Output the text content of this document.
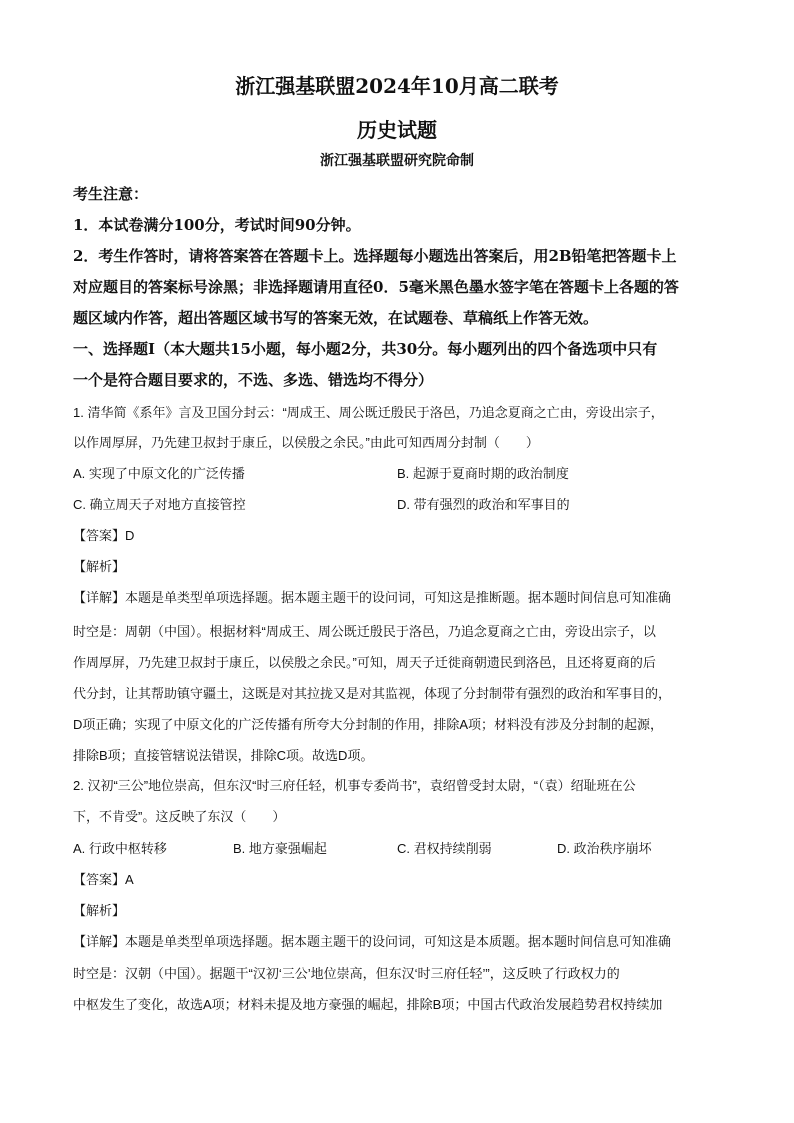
浙江强基联盟2024年10月高二联考
历史试题
浙江强基联盟研究院命制
考生注意：
1．本试卷满分100分，考试时间90分钟。
2．考生作答时，请将答案答在答题卡上。选择题每小题选出答案后，用2B铅笔把答题卡上
对应题目的答案标号涂黑；非选择题请用直径0．5毫米黑色墨水签字笔在答题卡上各题的答
题区域内作答，超出答题区域书写的答案无效，在试题卷、草稿纸上作答无效。
一、选择题Ⅰ（本大题共15小题，每小题2分，共30分。每小题列出的四个备选项中只有
一个是符合题目要求的，不选、多选、错选均不得分）
1. 清华简《系年》言及卫国分封云：“周成王、周公既迁殷民于洛邑，乃追念夏商之亡由，旁设出宗子，
以作周厚屏，乃先建卫叔封于康丘，以侯殷之余民。”由此可知西周分封制（　　）
A. 实现了中原文化的广泛传播	B. 起源于夏商时期的政治制度
C. 确立周天子对地方直接管控	D. 带有强烈的政治和军事目的
【答案】D
【解析】
【详解】本题是单类型单项选择题。据本题主题干的设问词，可知这是推断题。据本题时间信息可知准确
时空是：周朝（中国）。根据材料“周成王、周公既迁殷民于洛邑，乃追念夏商之亡由，旁设出宗子，以
作周厚屏，乃先建卫叔封于康丘，以侯殷之余民。”可知，周天子迁徙商朝遗民到洛邑，且还将夏商的后
代分封，让其帮助镇守疆土，这既是对其拉拢又是对其监视，体现了分封制带有强烈的政治和军事目的，
D项正确；实现了中原文化的广泛传播有所夸大分封制的作用，排除A项；材料没有涉及分封制的起源，
排除B项；直接管辖说法错误，排除C项。故选D项。
2. 汉初“三公”地位崇高，但东汉“时三府任轻，机事专委尚书”，袁绍曾受封太尉，“（袁）绍耻班在公
下，不肯受”。这反映了东汉（　　）
A. 行政中枢转移	B. 地方豪强崛起	C. 君权持续削弱	D. 政治秩序崩坏
【答案】A
【解析】
【详解】本题是单类型单项选择题。据本题主题干的设问词，可知这是本质题。据本题时间信息可知准确
时空是：汉朝（中国）。据题干“汉初‘三公’地位崇高，但东汉‘时三府任轻’”，这反映了行政权力的
中枢发生了变化，故选A项；材料未提及地方豪强的崛起，排除B项；中国古代政治发展趋势君权持续加
